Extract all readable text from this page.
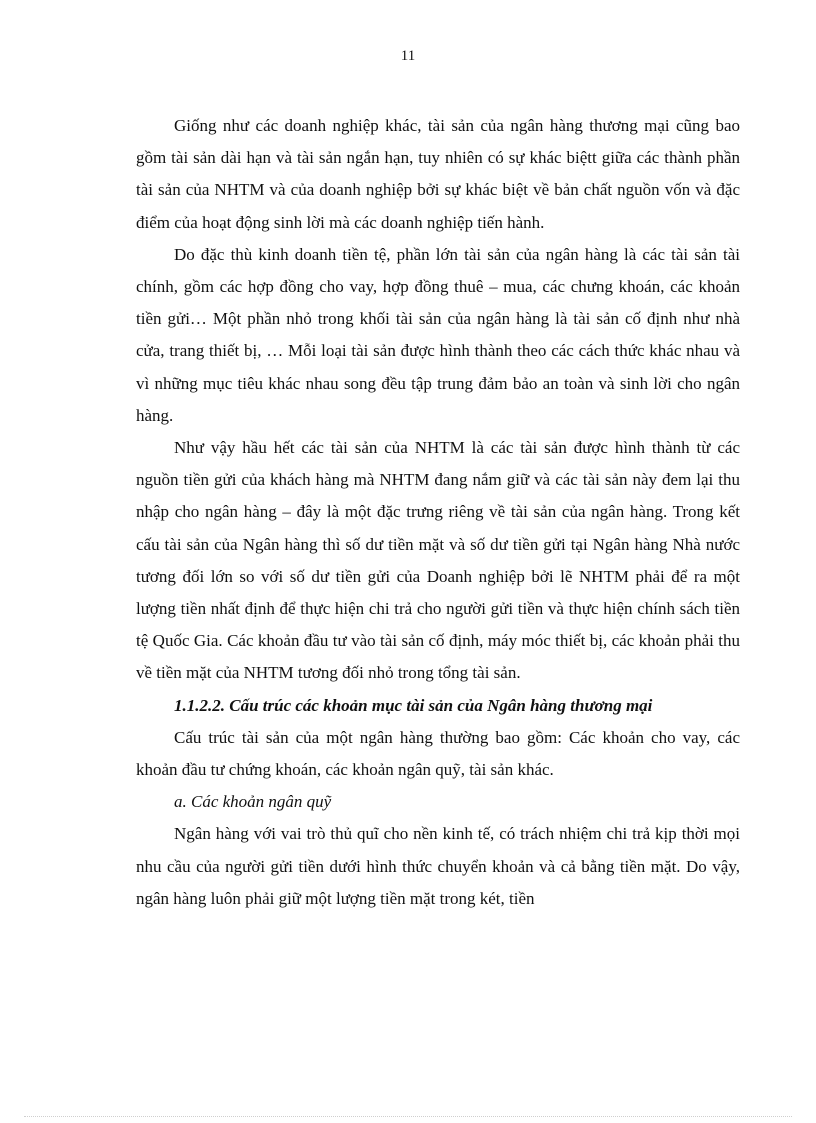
11

Giống như các doanh nghiệp khác, tài sản của ngân hàng thương mại cũng bao gồm tài sản dài hạn và tài sản ngắn hạn, tuy nhiên có sự khác biệtt giữa các thành phần tài sản của NHTM và của doanh nghiệp bởi sự khác biệt về bản chất nguồn vốn và đặc điểm của hoạt động sinh lời mà các doanh nghiệp tiến hành.

Do đặc thù kinh doanh tiền tệ, phần lớn tài sản của ngân hàng là các tài sản tài chính, gồm các hợp đồng cho vay, hợp đồng thuê – mua, các chưng khoán, các khoản tiền gửi… Một phần nhỏ trong khối tài sản của ngân hàng là tài sản cố định như nhà cửa, trang thiết bị, … Mỗi loại tài sản được hình thành theo các cách thức khác nhau và vì những mục tiêu khác nhau song đều tập trung đảm bảo an toàn và sinh lời cho ngân hàng.

Như vậy hầu hết các tài sản của NHTM là các tài sản được hình thành từ các nguồn tiền gửi của khách hàng mà NHTM đang nắm giữ và các tài sản này đem lại thu nhập cho ngân hàng – đây là một đặc trưng riêng về tài sản của ngân hàng. Trong kết cấu tài sản của Ngân hàng thì số dư tiền mặt và số dư tiền gửi tại Ngân hàng Nhà nước tương đối lớn so với số dư tiền gửi của Doanh nghiệp bởi lẽ NHTM phải để ra một lượng tiền nhất định để thực hiện chi trả cho người gửi tiền và thực hiện chính sách tiền tệ Quốc Gia. Các khoản đầu tư vào tài sản cố định, máy móc thiết bị, các khoản phải thu về tiền mặt của NHTM tương đối nhỏ trong tổng tài sản.

1.1.2.2. Cấu trúc các khoản mục tài sản của Ngân hàng thương mại

Cấu trúc tài sản của một ngân hàng thường bao gồm: Các khoản cho vay, các khoản đầu tư chứng khoán, các khoản ngân quỹ, tài sản khác.

a. Các khoản ngân quỹ

Ngân hàng với vai trò thủ quĩ cho nền kinh tế, có trách nhiệm chi trả kịp thời mọi nhu cầu của người gửi tiền dưới hình thức chuyển khoản và cả bằng tiền mặt. Do vậy, ngân hàng luôn phải giữ một lượng tiền mặt trong két, tiền
